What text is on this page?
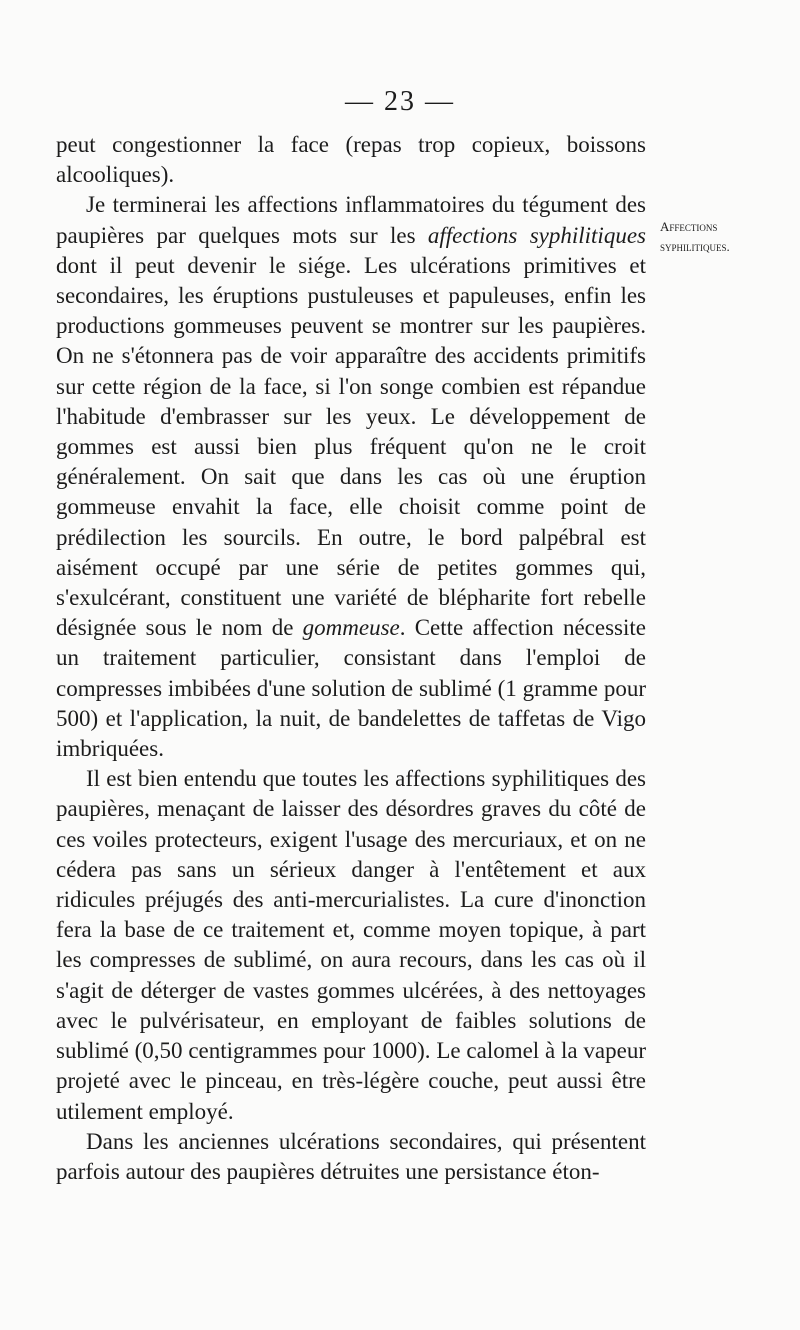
— 23 —

peut congestionner la face (repas trop copieux, boissons alcooliques).

Je terminerai les affections inflammatoires du tégument des paupières par quelques mots sur les affections syphilitiques dont il peut devenir le siége. Les ulcérations primitives et secondaires, les éruptions pustuleuses et papuleuses, enfin les productions gommeuses peuvent se montrer sur les paupières. On ne s'étonnera pas de voir apparaître des accidents primitifs sur cette région de la face, si l'on songe combien est répandue l'habitude d'embrasser sur les yeux. Le développement de gommes est aussi bien plus fréquent qu'on ne le croit généralement. On sait que dans les cas où une éruption gommeuse envahit la face, elle choisit comme point de prédilection les sourcils. En outre, le bord palpébral est aisément occupé par une série de petites gommes qui, s'exulcérant, constituent une variété de blépharite fort rebelle désignée sous le nom de gommeuse. Cette affection nécessite un traitement particulier, consistant dans l'emploi de compresses imbibées d'une solution de sublimé (1 gramme pour 500) et l'application, la nuit, de bandelettes de taffetas de Vigo imbriquées.

Il est bien entendu que toutes les affections syphilitiques des paupières, menaçant de laisser des désordres graves du côté de ces voiles protecteurs, exigent l'usage des mercuriaux, et on ne cédera pas sans un sérieux danger à l'entêtement et aux ridicules préjugés des anti-mercurialistes. La cure d'inonction fera la base de ce traitement et, comme moyen topique, à part les compresses de sublimé, on aura recours, dans les cas où il s'agit de déterger de vastes gommes ulcérées, à des nettoyages avec le pulvérisateur, en employant de faibles solutions de sublimé (0,50 centigrammes pour 1000). Le calomel à la vapeur projeté avec le pinceau, en très-légère couche, peut aussi être utilement employé.

Dans les anciennes ulcérations secondaires, qui présentent parfois autour des paupières détruites une persistance éton-

Affections
syphilitiques.
